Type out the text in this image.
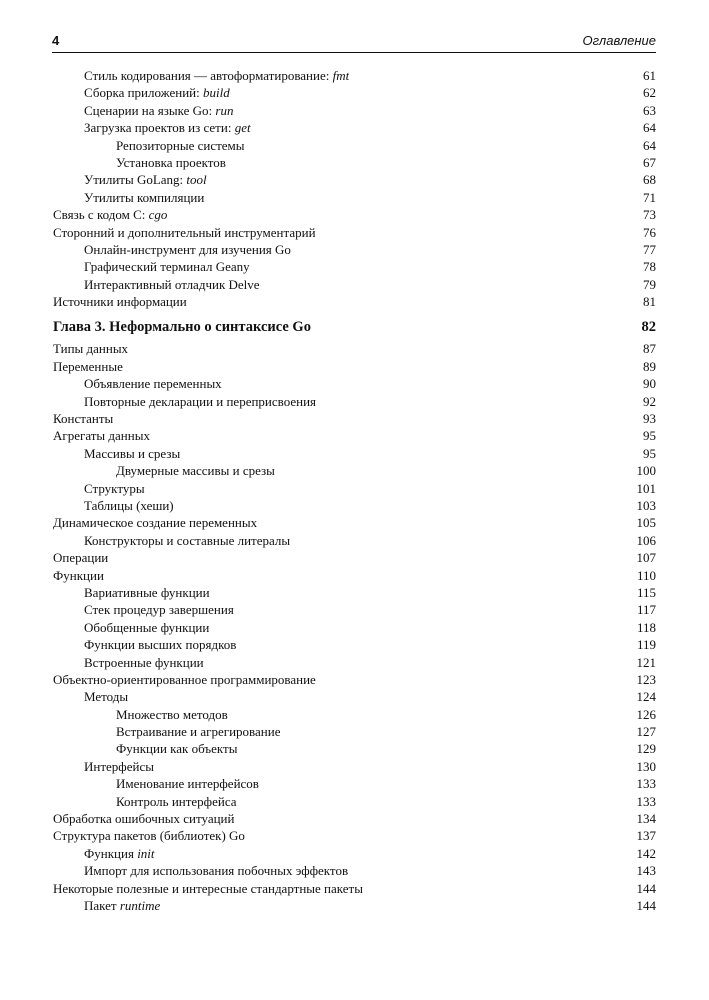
4	Оглавление
Стиль кодирования — автоформатирование: fmt	61
Сборка приложений: build	62
Сценарии на языке Go: run	63
Загрузка проектов из сети: get	64
Репозиторные системы	64
Установка проектов	67
Утилиты GoLang: tool	68
Утилиты компиляции	71
Связь с кодом C: cgo	73
Сторонний и дополнительный инструментарий	76
Онлайн-инструмент для изучения Go	77
Графический терминал Geany	78
Интерактивный отладчик Delve	79
Источники информации	81
Глава 3. Неформально о синтаксисе Go	82
Типы данных	87
Переменные	89
Объявление переменных	90
Повторные декларации и переприсвоения	92
Константы	93
Агрегаты данных	95
Массивы и срезы	95
Двумерные массивы и срезы	100
Структуры	101
Таблицы (хеши)	103
Динамическое создание переменных	105
Конструкторы и составные литералы	106
Операции	107
Функции	110
Вариативные функции	115
Стек процедур завершения	117
Обобщенные функции	118
Функции высших порядков	119
Встроенные функции	121
Объектно-ориентированное программирование	123
Методы	124
Множество методов	126
Встраивание и агрегирование	127
Функции как объекты	129
Интерфейсы	130
Именование интерфейсов	133
Контроль интерфейса	133
Обработка ошибочных ситуаций	134
Структура пакетов (библиотек) Go	137
Функция init	142
Импорт для использования побочных эффектов	143
Некоторые полезные и интересные стандартные пакеты	144
Пакет runtime	144
